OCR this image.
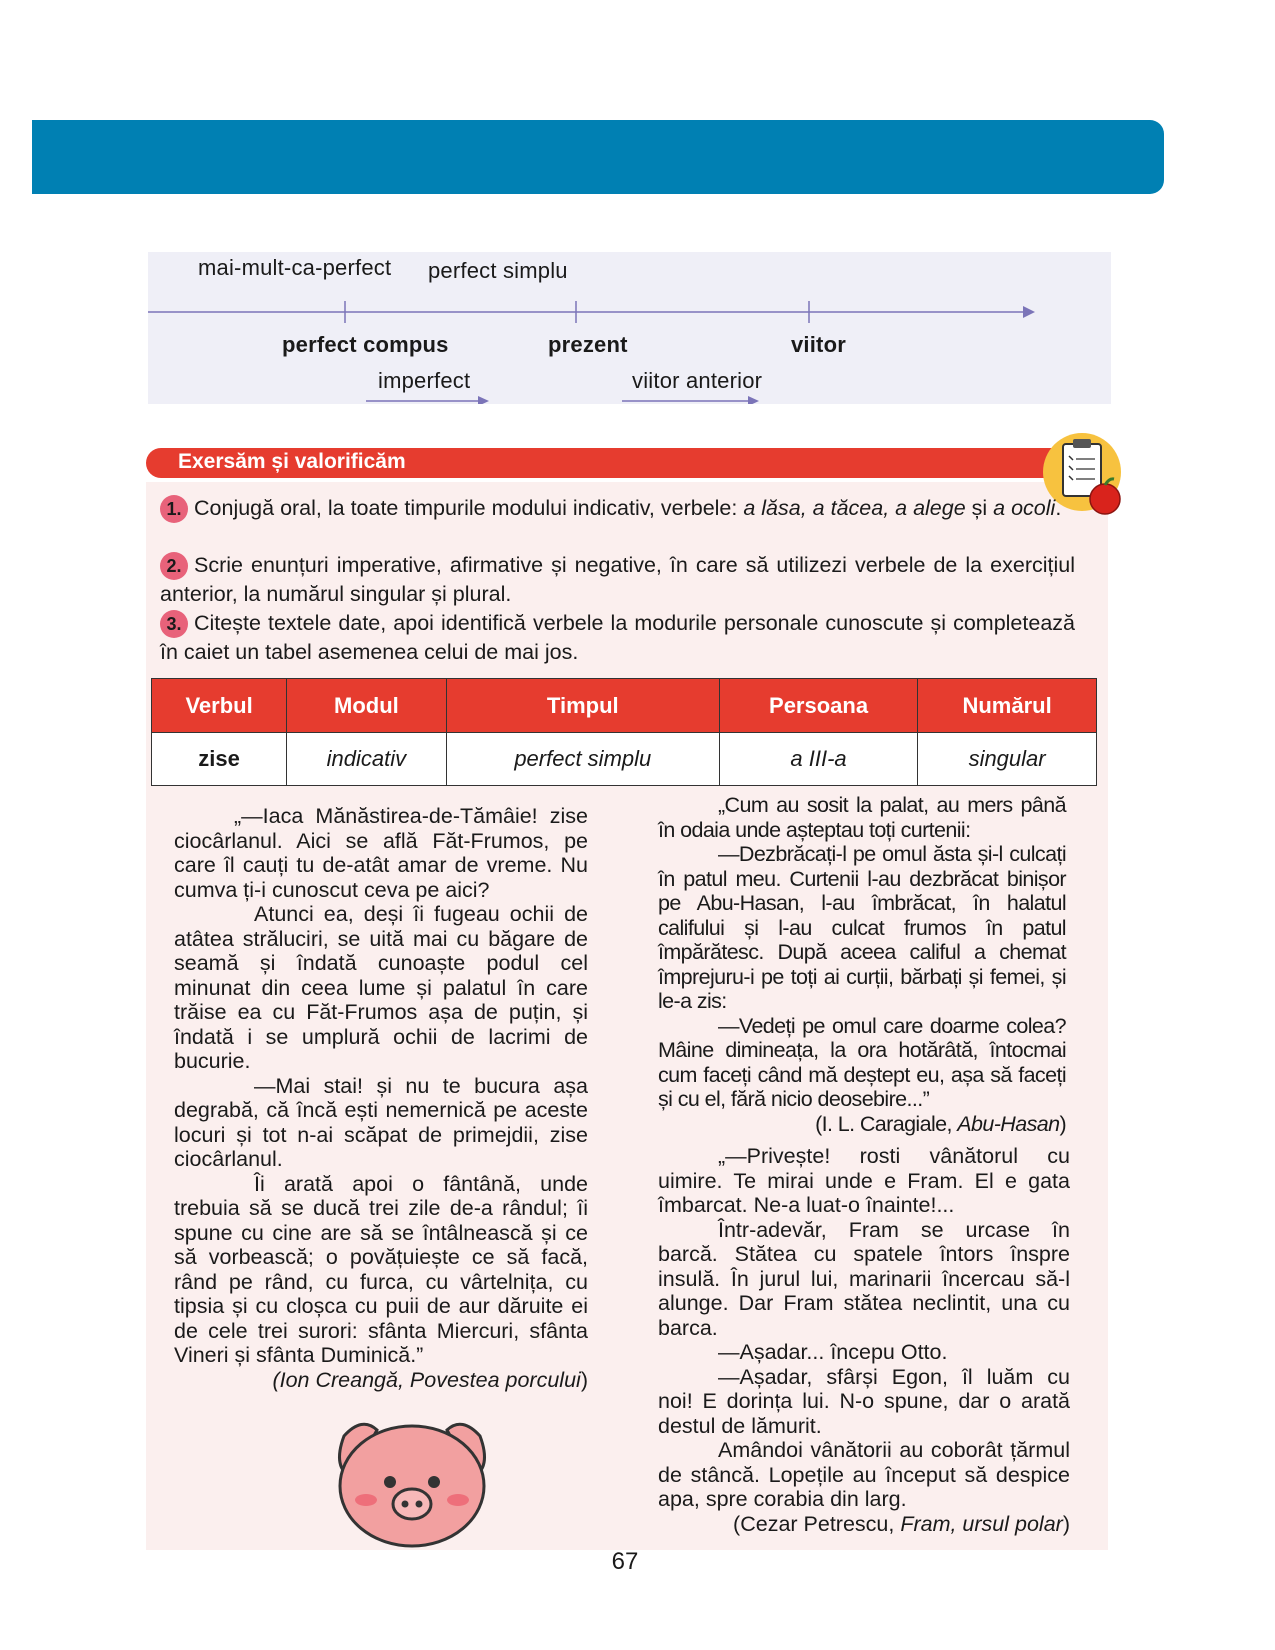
mai-mult-ca-perfect perfect simplu
perfect compus	prezent	viitor
imperfect	viitor anterior
Exersăm și valorificăm
1. Conjugă oral, la toate timpurile modului indicativ, verbele: a lăsa, a tăcea, a alege și a ocoli.
2. Scrie enunțuri imperative, afirmative și negative, în care să utilizezi verbele de la exercițiul anterior, la numărul singular și plural.
3. Citește textele date, apoi identifică verbele la modurile personale cunoscute și completează în caiet un tabel asemenea celui de mai jos.
Verbul	Modul	Timpul	Persoana	Numărul
zise	indicativ	perfect simplu	a III-a	singular

„—Iaca Mănăstirea-de-Tămâie! zise ciocârlanul. Aici se află Făt-Frumos, pe care îl cauți tu de-atât amar de vreme. Nu cumva ți-i cunoscut ceva pe aici?

Atunci ea, deși îi fugeau ochii de atâtea străluciri, se uită mai cu băgare de seamă și îndată cunoaște podul cel minunat din ceea lume și palatul în care trăise ea cu Făt-Frumos așa de puțin, și îndată i se umplură ochii de lacrimi de bucurie.

—Mai stai! și nu te bucura așa degrabă, că încă ești nemernică pe aceste locuri și tot n-ai scăpat de primejdii, zise ciocârlanul.

Îi arată apoi o fântână, unde trebuia să se ducă trei zile de-a rândul; îi spune cu cine are să se întâlnească și ce să vorbească; o povățuiește ce să facă, rând pe rând, cu furca, cu vârtelnița, cu tipsia și cu cloșca cu puii de aur dăruite ei de cele trei surori: sfânta Miercuri, sfânta Vineri și sfânta Duminică.”

(Ion Creangă, Povestea porcului)

„Cum au sosit la palat, au mers până în odaia unde așteptau toți curtenii:

—Dezbrăcați-l pe omul ăsta și-l culcați în patul meu. Curtenii l-au dezbrăcat binișor pe Abu-Hasan, l-au îmbrăcat, în halatul califului și l-au culcat frumos în patul împărătesc. După aceea califul a chemat împrejuru-i pe toți ai curții, bărbați și femei, și le-a zis:

—Vedeți pe omul care doarme colea? Mâine dimineața, la ora hotărâtă, întocmai cum faceți când mă deștept eu, așa să faceți și cu el, fără nicio deosebire...”

(I. L. Caragiale, Abu-Hasan)

„—Privește! rosti vânătorul cu uimire. Te mirai unde e Fram. El e gata îmbarcat. Ne-a luat-o înainte!...

Într-adevăr, Fram se urcase în barcă. Stătea cu spatele întors înspre insulă. În jurul lui, marinarii încercau să-l alunge. Dar Fram stătea neclintit, una cu barca.

—Așadar... începu Otto.

—Așadar, sfârși Egon, îl luăm cu noi! E dorința lui. N-o spune, dar o arată destul de lămurit.

Amândoi vânătorii au coborât țărmul de stâncă. Lopețile au început să despice apa, spre corabia din larg.

(Cezar Petrescu, Fram, ursul polar)

67
